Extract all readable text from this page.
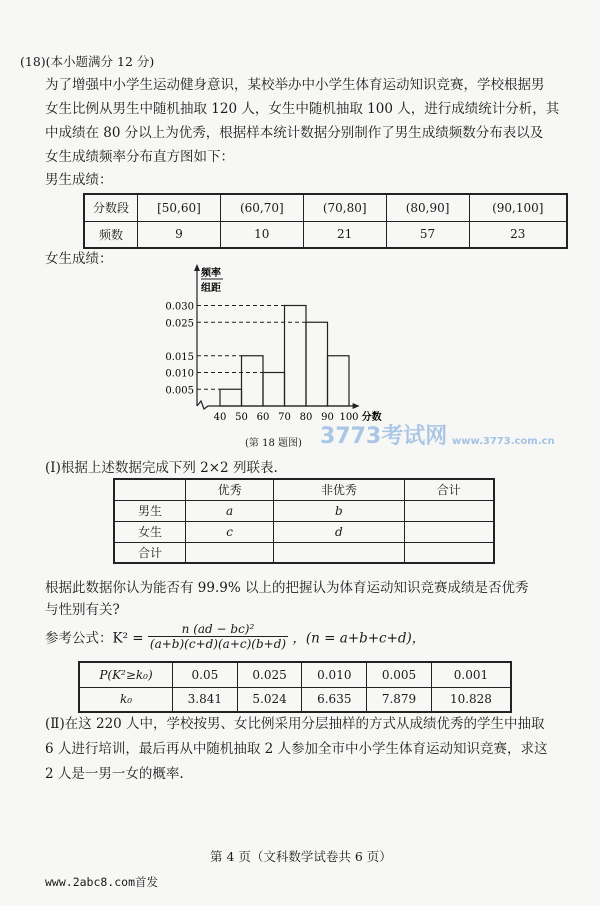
(18)(本小题满分 12 分)
为了增强中小学生运动健身意识，某校举办中小学生体育运动知识竞赛，学校根据男
女生比例从男生中随机抽取 120 人，女生中随机抽取 100 人，进行成绩统计分析，其
中成绩在 80 分以上为优秀，根据样本统计数据分别制作了男生成绩频数分布表以及
女生成绩频率分布直方图如下：
男生成绩：
分数段	[50,60]	(60,70]	(70,80]	(80,90]	(90,100]
频数	9	10	21	57	23
女生成绩：
频率
组距
0.005
0.010
0.015
0.025
0.030
40 50 60 70 80 90 100 分数
(第 18 题图) 3773考试网 www.3773.com.cn
(Ⅰ)根据上述数据完成下列 2×2 列联表.
	优秀	非优秀	合计
男生	a	b	
女生	c	d	
合计			
根据此数据你认为能否有 99.9% 以上的把握认为体育运动知识竞赛成绩是否优秀
与性别有关?
参考公式：$K^2 = \frac{\text{n (ad − bc)²}}{(a+b)(c+d)(a+c)(b+d)}$ ，(n = a+b+c+d)，
P(K²≥k₀)	0.05	0.025	0.010	0.005	0.001
k₀	3.841	5.024	6.635	7.879	10.828
(Ⅱ)在这 220 人中，学校按男、女比例采用分层抽样的方式从成绩优秀的学生中抽取
6 人进行培训，最后再从中随机抽取 2 人参加全市中小学生体育运动知识竞赛，求这
2 人是一男一女的概率.
第 4 页（文科数学试卷共 6 页）
www.2abc8.com首发
